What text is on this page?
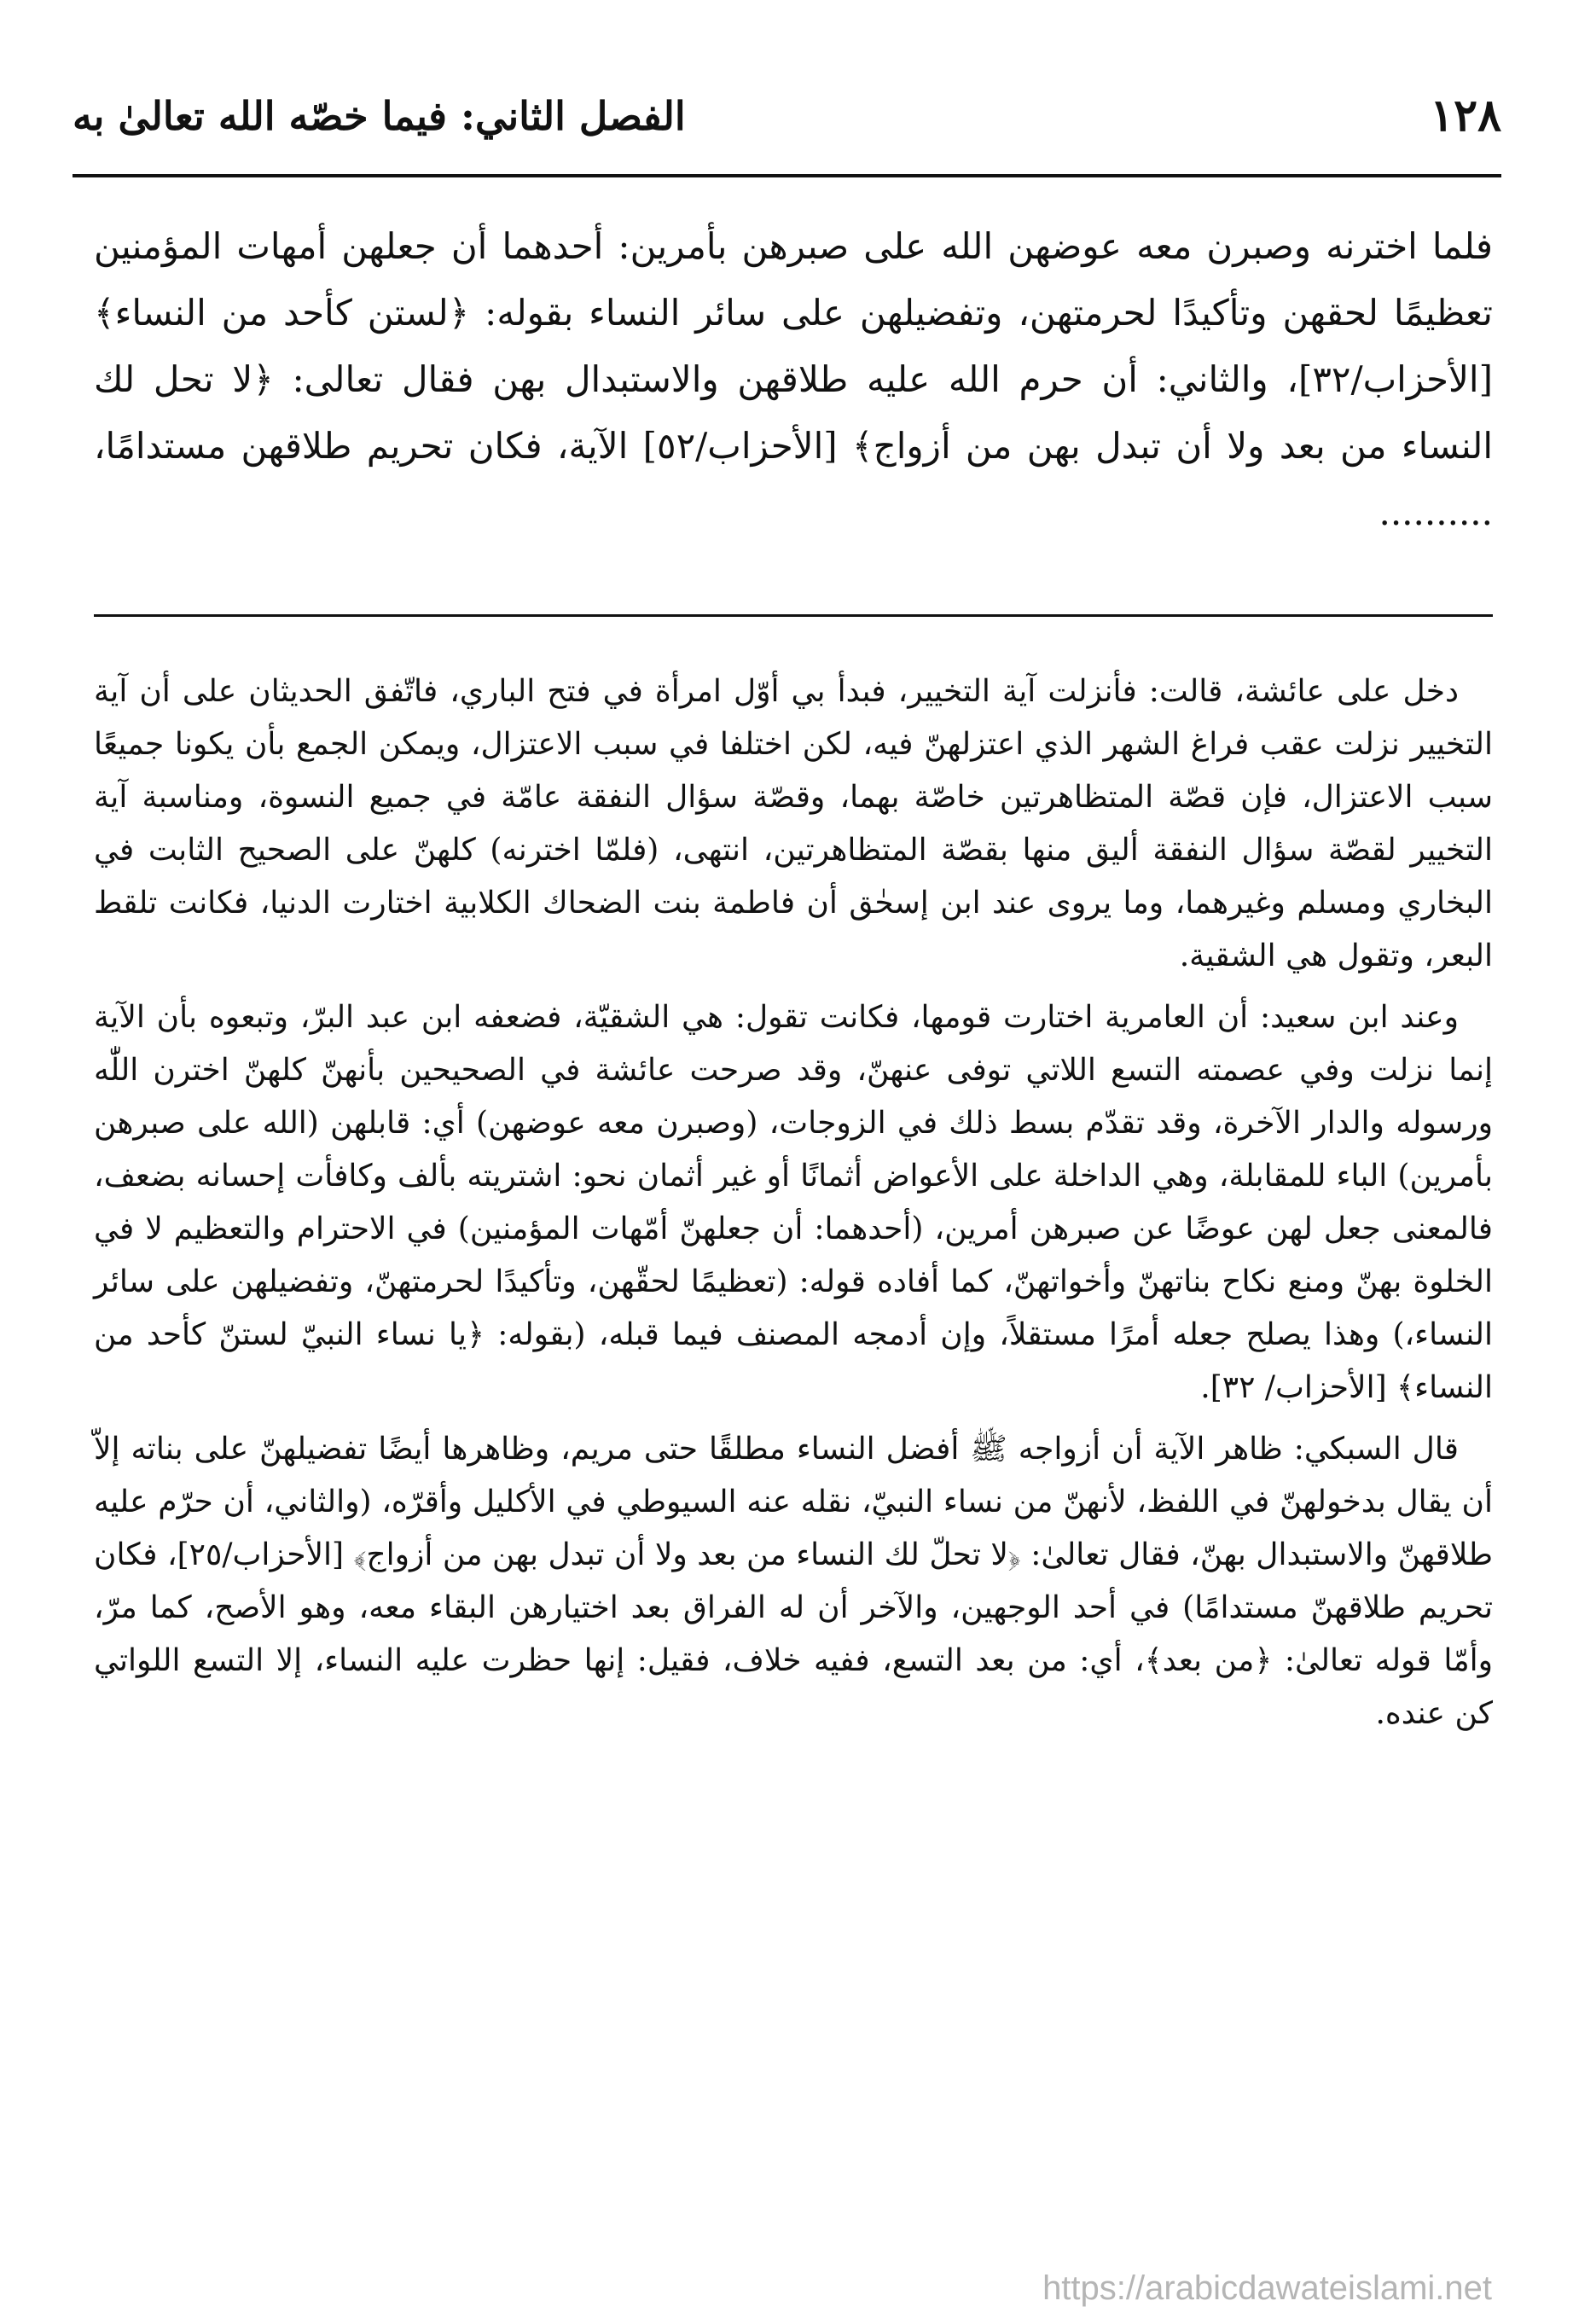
١٢٨
الفصل الثاني: فيما خصّه الله تعالىٰ به
فلما اخترنه وصبرن معه عوضهن الله على صبرهن بأمرين: أحدهما أن جعلهن أمهات المؤمنين تعظيمًا لحقهن وتأكيدًا لحرمتهن، وتفضيلهن على سائر النساء بقوله: ﴿لستن كأحد من النساء﴾ [الأحزاب/٣٢]، والثاني: أن حرم الله عليه طلاقهن والاستبدال بهن فقال تعالى: ﴿لا تحل لك النساء من بعد ولا أن تبدل بهن من أزواج﴾ [الأحزاب/٥٢] الآية، فكان تحريم طلاقهن مستدامًا، ..........

دخل على عائشة، قالت: فأنزلت آية التخيير، فبدأ بي أوّل امرأة في فتح الباري، فاتّفق الحديثان على أن آية التخيير نزلت عقب فراغ الشهر الذي اعتزلهنّ فيه، لكن اختلفا في سبب الاعتزال، ويمكن الجمع بأن يكونا جميعًا سبب الاعتزال، فإن قصّة المتظاهرتين خاصّة بهما، وقصّة سؤال النفقة عامّة في جميع النسوة، ومناسبة آية التخيير لقصّة سؤال النفقة أليق منها بقصّة المتظاهرتين، انتهى، (فلمّا اخترنه) كلهنّ على الصحيح الثابت في البخاري ومسلم وغيرهما، وما يروى عند ابن إسحٰق أن فاطمة بنت الضحاك الكلابية اختارت الدنيا، فكانت تلقط البعر، وتقول هي الشقية.

وعند ابن سعيد: أن العامرية اختارت قومها، فكانت تقول: هي الشقيّة، فضعفه ابن عبد البرّ، وتبعوه بأن الآية إنما نزلت وفي عصمته التسع اللاتي توفى عنهنّ، وقد صرحت عائشة في الصحيحين بأنهنّ كلهنّ اخترن اللّٰه ورسوله والدار الآخرة، وقد تقدّم بسط ذلك في الزوجات، (وصبرن معه عوضهن) أي: قابلهن (الله على صبرهن بأمرين) الباء للمقابلة، وهي الداخلة على الأعواض أثمانًا أو غير أثمان نحو: اشتريته بألف وكافأت إحسانه بضعف، فالمعنى جعل لهن عوضًا عن صبرهن أمرين، (أحدهما: أن جعلهنّ أمّهات المؤمنين) في الاحترام والتعظيم لا في الخلوة بهنّ ومنع نكاح بناتهنّ وأخواتهنّ، كما أفاده قوله: (تعظيمًا لحقّهن، وتأكيدًا لحرمتهنّ، وتفضيلهن على سائر النساء،) وهذا يصلح جعله أمرًا مستقلاً، وإن أدمجه المصنف فيما قبله، (بقوله: ﴿يا نساء النبيّ لستنّ كأحد من النساء﴾ [الأحزاب/ ٣٢].

قال السبكي: ظاهر الآية أن أزواجه ﷺ أفضل النساء مطلقًا حتى مريم، وظاهرها أيضًا تفضيلهنّ على بناته إلاّ أن يقال بدخولهنّ في اللفظ، لأنهنّ من نساء النبيّ، نقله عنه السيوطي في الأكليل وأقرّه، (والثاني، أن حرّم عليه طلاقهنّ والاستبدال بهنّ، فقال تعالىٰ: ﴿لا تحلّ لك النساء من بعد ولا أن تبدل بهن من أزواج﴾ [الأحزاب/٢٥]، فكان تحريم طلاقهنّ مستدامًا) في أحد الوجهين، والآخر أن له الفراق بعد اختيارهن البقاء معه، وهو الأصح، كما مرّ، وأمّا قوله تعالىٰ: ﴿من بعد﴾، أي: من بعد التسع، ففيه خلاف، فقيل: إنها حظرت عليه النساء، إلا التسع اللواتي كن عنده.

https://arabicdawateislami.net
